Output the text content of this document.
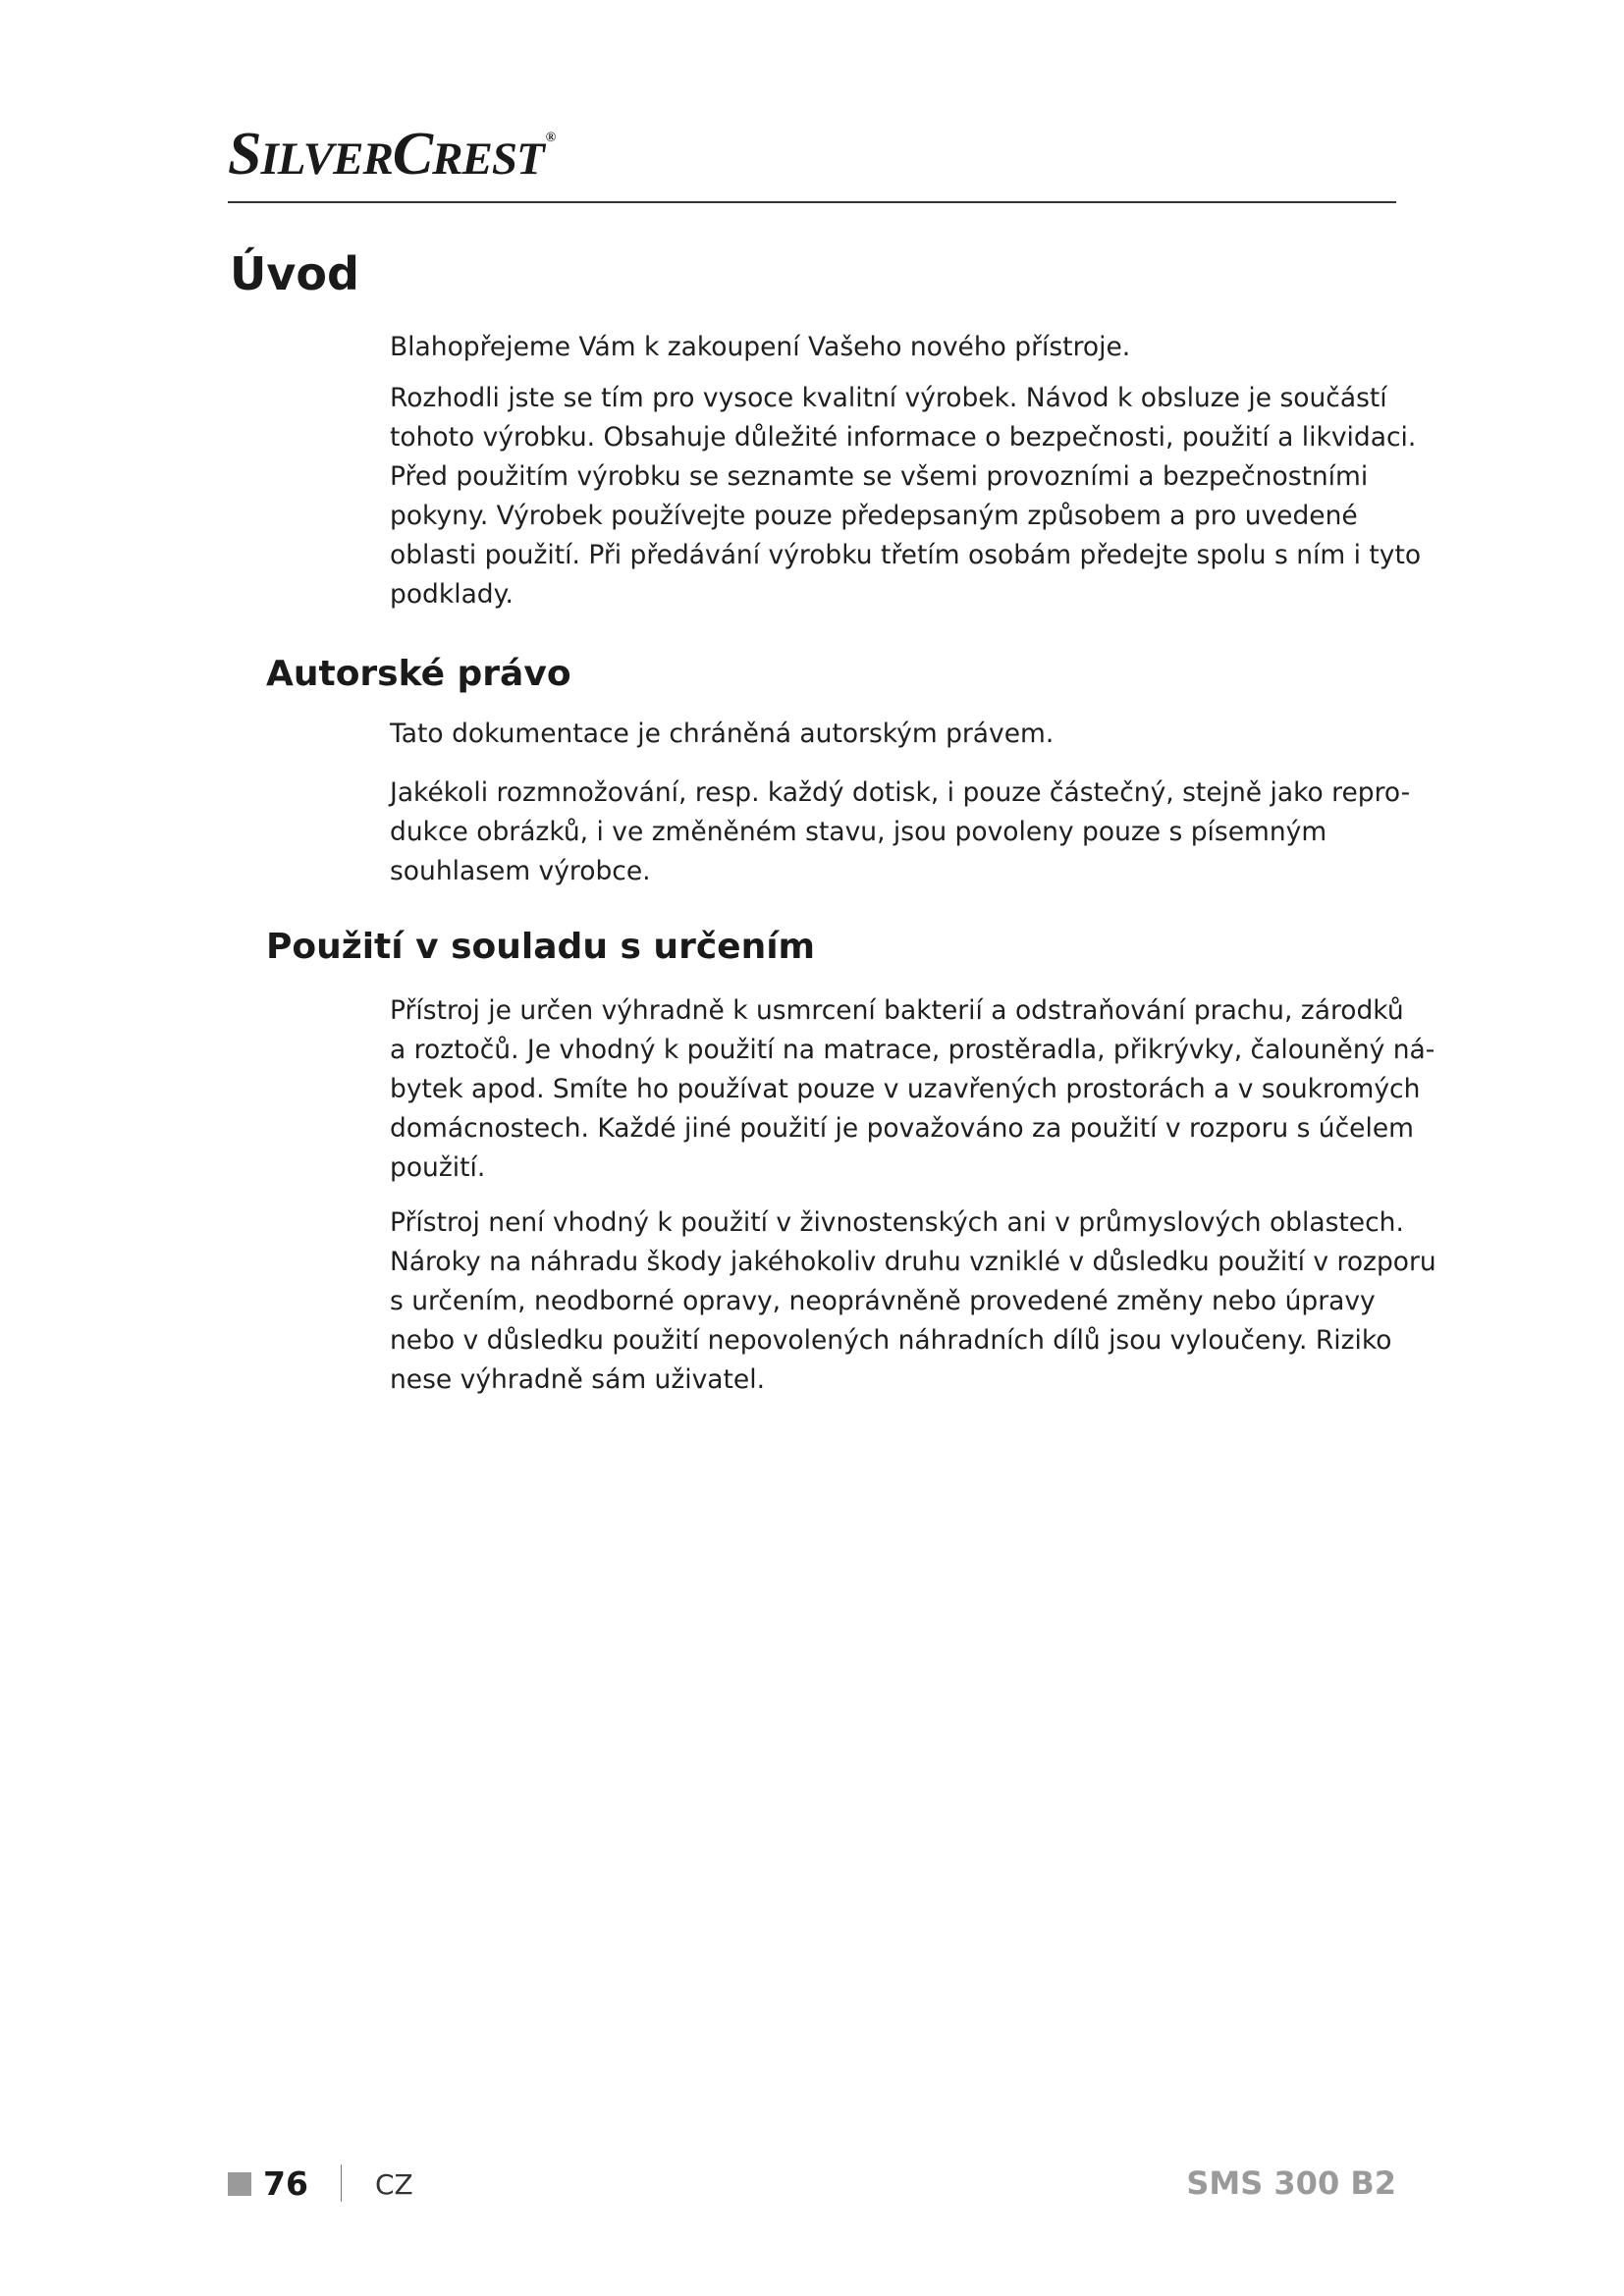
SILVERCREST ®
Úvod

Blahopřejeme Vám k zakoupení Vašeho nového přístroje.

Rozhodli jste se tím pro vysoce kvalitní výrobek. Návod k obsluze je součástí
tohoto výrobku. Obsahuje důležité informace o bezpečnosti, použití a likvidaci.
Před použitím výrobku se seznamte se všemi provozními a bezpečnostními
pokyny. Výrobek používejte pouze předepsaným způsobem a pro uvedené
oblasti použití. Při předávání výrobku třetím osobám předejte spolu s ním i tyto
podklady.

Autorské právo

Tato dokumentace je chráněná autorským právem.

Jakékoli rozmnožování, resp. každý dotisk, i pouze částečný, stejně jako repro-
dukce obrázků, i ve změněném stavu, jsou povoleny pouze s písemným
souhlasem výrobce.

Použití v souladu s určením

Přístroj je určen výhradně k usmrcení bakterií a odstraňování prachu, zárodků
a roztočů. Je vhodný k použití na matrace, prostěradla, přikrývky, čalouněný ná-
bytek apod. Smíte ho používat pouze v uzavřených prostorách a v soukromých
domácnostech. Každé jiné použití je považováno za použití v rozporu s účelem
použití.

Přístroj není vhodný k použití v živnostenských ani v průmyslových oblastech.
Nároky na náhradu škody jakéhokoliv druhu vzniklé v důsledku použití v rozporu
s určením, neodborné opravy, neoprávněně provedené změny nebo úpravy
nebo v důsledku použití nepovolených náhradních dílů jsou vyloučeny. Riziko
nese výhradně sám uživatel.

76 CZ	SMS 300 B2
